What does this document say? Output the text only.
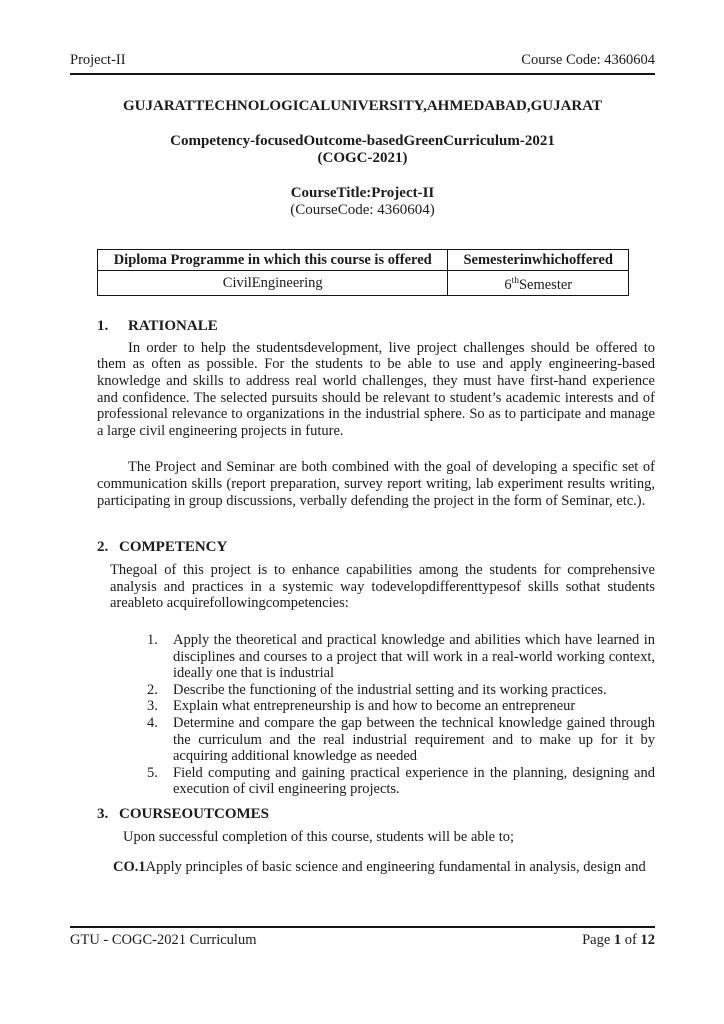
Project-II	Course Code: 4360604

GUJARATTECHNOLOGICALUNIVERSITY,AHMEDABAD,GUJARAT

Competency-focusedOutcome-basedGreenCurriculum-2021

(COGC-2021)

CourseTitle:Project-II

(CourseCode: 4360604)

Diploma Programme in which this course is offered	Semesterinwhichoffered
CivilEngineering	6thSemester
1.	RATIONALE

In order to help the studentsdevelopment, live project challenges should be offered to them as often as possible. For the students to be able to use and apply engineering-based knowledge and skills to address real world challenges, they must have first-hand experience and confidence. The selected pursuits should be relevant to student’s academic interests and of professional relevance to organizations in the industrial sphere. So as to participate and manage a large civil engineering projects in future.

The Project and Seminar are both combined with the goal of developing a specific set of communication skills (report preparation, survey report writing, lab experiment results writing, participating in group discussions, verbally defending the project in the form of Seminar, etc.).

2. COMPETENCY

Thegoal of this project is to enhance capabilities among the students for comprehensive analysis and practices in a systemic way todevelopdifferenttypesof skills sothat students areableto acquirefollowingcompetencies:

1.	Apply the theoretical and practical knowledge and abilities which have learned in disciplines and courses to a project that will work in a real-world working context, ideally one that is industrial
2.	Describe the functioning of the industrial setting and its working practices.
3.	Explain what entrepreneurship is and how to become an entrepreneur
4.	Determine and compare the gap between the technical knowledge gained through the curriculum and the real industrial requirement and to make up for it by acquiring additional knowledge as needed
5.	Field computing and gaining practical experience in the planning, designing and execution of civil engineering projects.
3. COURSEOUTCOMES

Upon successful completion of this course, students will be able to;

CO.1Apply principles of basic science and engineering fundamental in analysis, design and

GTU - COGC-2021 Curriculum	Page 1 of 12
